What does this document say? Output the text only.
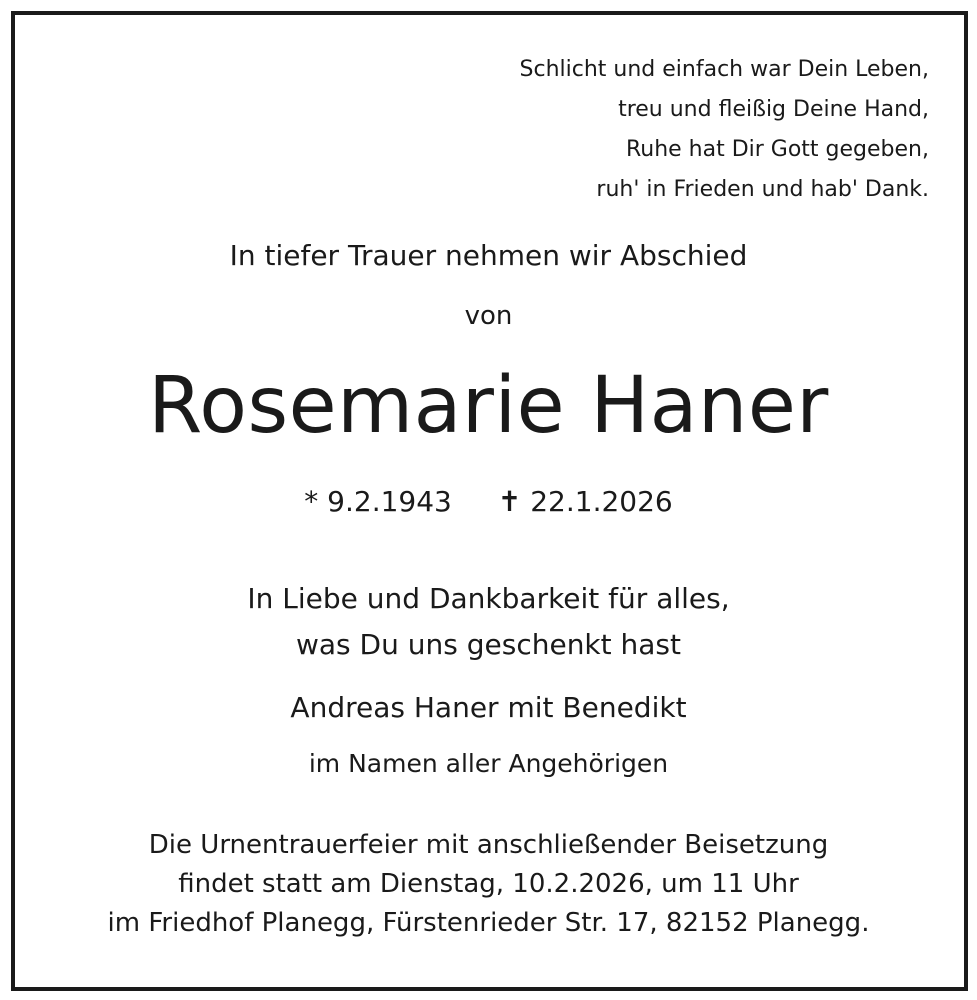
Schlicht und einfach war Dein Leben,
treu und fleißig Deine Hand,
Ruhe hat Dir Gott gegeben,
ruh' in Frieden und hab' Dank.
In tiefer Trauer nehmen wir Abschied
von
Rosemarie Haner
* 9.2.1943 ✝ 22.1.2026
In Liebe und Dankbarkeit für alles,
was Du uns geschenkt hast
Andreas Haner mit Benedikt
im Namen aller Angehörigen
Die Urnentrauerfeier mit anschließender Beisetzung
findet statt am Dienstag, 10.2.2026, um 11 Uhr
im Friedhof Planegg, Fürstenrieder Str. 17, 82152 Planegg.
